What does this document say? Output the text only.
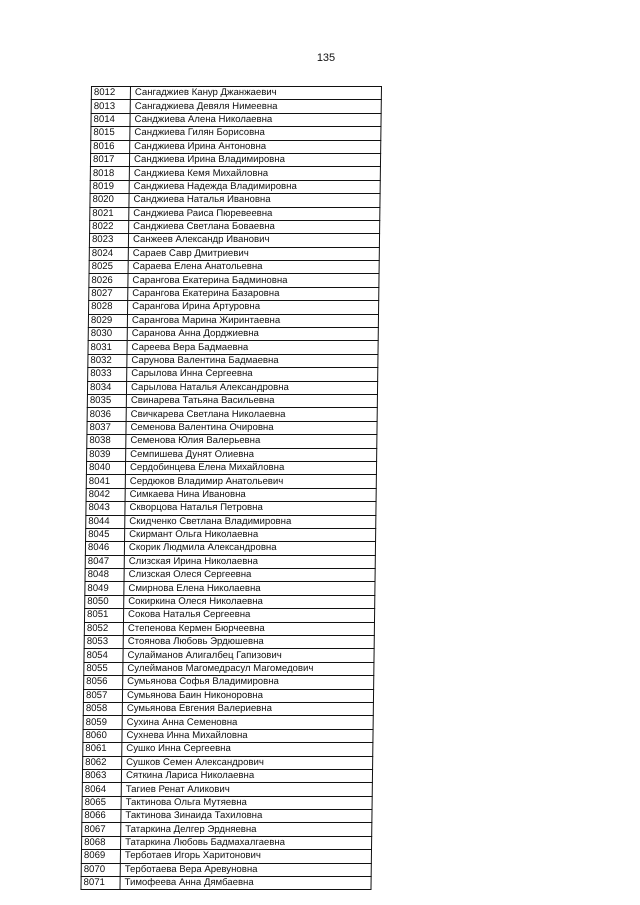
135
8012	Сангаджиев Канур Джанжаевич
8013	Сангаджиева Девяля Нимеевна
8014	Санджиева Алена Николаевна
8015	Санджиева Гилян Борисовна
8016	Санджиева Ирина Антоновна
8017	Санджиева Ирина Владимировна
8018	Санджиева Кемя Михайловна
8019	Санджиева Надежда Владимировна
8020	Санджиева Наталья Ивановна
8021	Санджиева Раиса Пюревеевна
8022	Санджиева Светлана Боваевна
8023	Санжеев Александр Иванович
8024	Сараев Савр Дмитриевич
8025	Сараева Елена Анатольевна
8026	Сарангова Екатерина Бадминовна
8027	Сарангова Екатерина Базаровна
8028	Сарангова Ирина Артуровна
8029	Сарангова Марина Жиринтаевна
8030	Саранова Анна Дорджиевна
8031	Сареева Вера Бадмаевна
8032	Сарунова Валентина Бадмаевна
8033	Сарылова Инна Сергеевна
8034	Сарылова Наталья Александровна
8035	Свинарева Татьяна Васильевна
8036	Свичкарева Светлана Николаевна
8037	Семенова Валентина Очировна
8038	Семенова Юлия Валерьевна
8039	Семпишева Дунят Олиевна
8040	Сердобинцева Елена Михайловна
8041	Сердюков Владимир Анатольевич
8042	Симкаева Нина Ивановна
8043	Скворцова Наталья Петровна
8044	Скидченко Светлана Владимировна
8045	Скирмант Ольга Николаевна
8046	Скорик Людмила Александровна
8047	Слизская Ирина Николаевна
8048	Слизская Олеся Сергеевна
8049	Смирнова Елена Николаевна
8050	Сокиркина Олеся Николаевна
8051	Сокова Наталья Сергеевна
8052	Степенова Кермен Бюрчеевна
8053	Стоянова Любовь Эрдюшевна
8054	Сулайманов Алигалбец Гапизович
8055	Сулейманов Магомедрасул Магомедович
8056	Сумьянова Софья Владимировна
8057	Сумьянова Баин Никоноровна
8058	Сумьянова Евгения Валериевна
8059	Сухина Анна Семеновна
8060	Сухнева Инна Михайловна
8061	Сушко Инна Сергеевна
8062	Сушков Семен Александрович
8063	Сяткина Лариса Николаевна
8064	Тагиев Ренат Аликович
8065	Тактинова Ольга Мутяевна
8066	Тактинова Зинаида Тахиловна
8067	Татаркина Делгер Эрдняевна
8068	Татаркина Любовь Бадмахалгаевна
8069	Терботаев Игорь Харитонович
8070	Терботаева Вера Аревуновна
8071	Тимофеева Анна Дямбаевна
